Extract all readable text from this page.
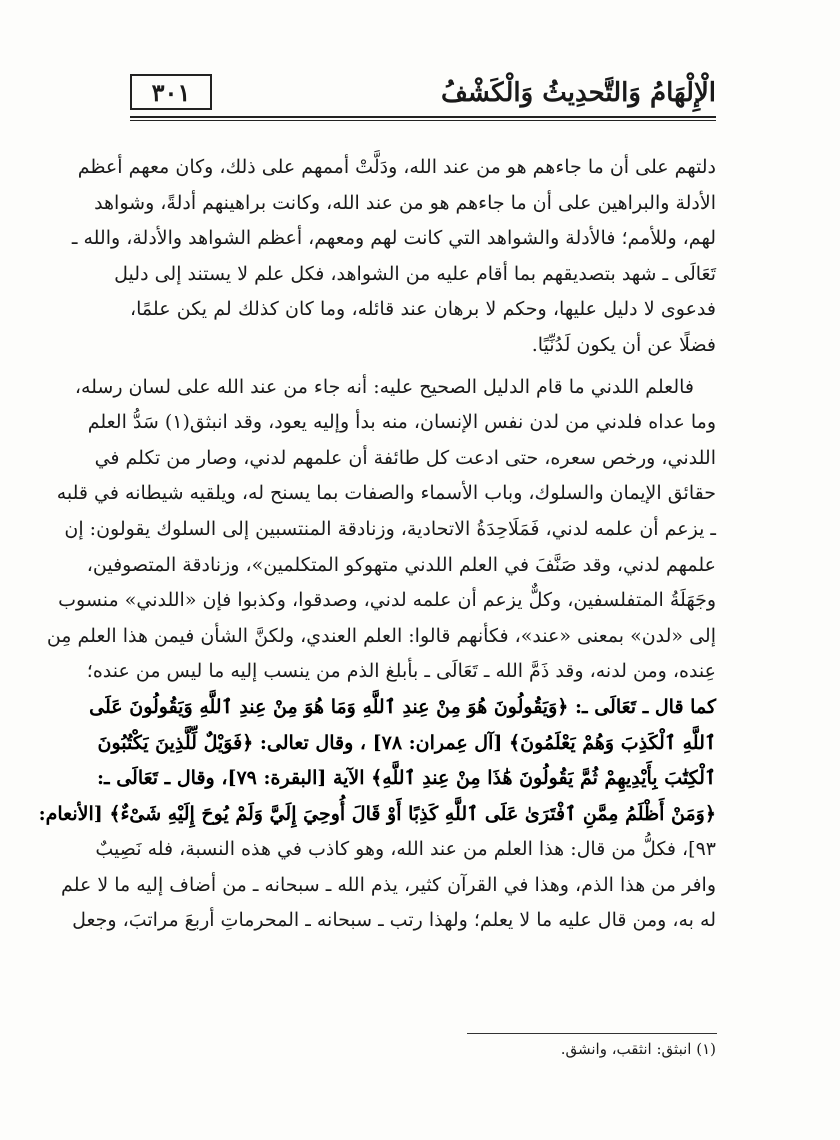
٣٠١	الْإِلْهَامُ وَالتَّحدِيثُ وَالْكَشْفُ
دلتهم على أن ما جاءهم هو من عند الله، ودَلَّتْ أممهم على ذلك، وكان معهم أعظم
الأدلة والبراهين على أن ما جاءهم هو من عند الله، وكانت براهينهم أدلةً، وشواهد
لهم، وللأمم؛ فالأدلة والشواهد التي كانت لهم ومعهم، أعظم الشواهد والأدلة، والله ـ
تَعَالَى ـ شهد بتصديقهم بما أقام عليه من الشواهد، فكل علم لا يستند إلى دليل
فدعوى لا دليل عليها، وحكم لا برهان عند قائله، وما كان كذلك لم يكن علمًا،
فضلًا عن أن يكون لَدُنِّيًا.
فالعلم اللدني ما قام الدليل الصحيح عليه: أنه جاء من عند الله على لسان رسله،
وما عداه فلدني من لدن نفس الإنسان، منه بدأ وإليه يعود، وقد انبثق(١) سَدُّ العلم
اللدني، ورخص سعره، حتى ادعت كل طائفة أن علمهم لدني، وصار من تكلم في
حقائق الإيمان والسلوك، وباب الأسماء والصفات بما يسنح له، ويلقيه شيطانه في قلبه
ـ يزعم أن علمه لدني، فَمَلَاحِدَةُ الاتحادية، وزنادقة المنتسبين إلى السلوك يقولون: إن
علمهم لدني، وقد صَنَّفَ في العلم اللدني متهوكو المتكلمين»، وزنادقة المتصوفين،
وجَهَلَةُ المتفلسفين، وكلٌّ يزعم أن علمه لدني، وصدقوا، وكذبوا فإن «اللدني» منسوب
إلى «لدن» بمعنى «عند»، فكأنهم قالوا: العلم العندي، ولكنَّ الشأن فيمن هذا العلم مِن
عِنده، ومن لدنه، وقد ذَمَّ الله ـ تَعَالَى ـ بأبلغ الذم من ينسب إليه ما ليس من عنده؛
كما قال ـ تَعَالَى ـ: ﴿وَيَقُولُونَ هُوَ مِنْ عِندِ ٱللَّهِ وَمَا هُوَ مِنْ عِندِ ٱللَّهِ وَيَقُولُونَ عَلَى
ٱللَّهِ ٱلْكَذِبَ وَهُمْ يَعْلَمُونَ﴾ [آل عِمران: ٧٨] ، وقال تعالى: ﴿فَوَيْلٌ لِّلَّذِينَ يَكْتُبُونَ
ٱلْكِتَٰبَ بِأَيْدِيهِمْ ثُمَّ يَقُولُونَ هَٰذَا مِنْ عِندِ ٱللَّهِ﴾ الآية [البقرة: ٧٩]، وقال ـ تَعَالَى ـ:
﴿وَمَنْ أَظْلَمُ مِمَّنِ ٱفْتَرَىٰ عَلَى ٱللَّهِ كَذِبًا أَوْ قَالَ أُوحِيَ إِلَيَّ وَلَمْ يُوحَ إِلَيْهِ شَىْءٌ﴾ [الأنعام:
٩٣]، فكلُّ من قال: هذا العلم من عند الله، وهو كاذب في هذه النسبة، فله نَصِيبٌ
وافر من هذا الذم، وهذا في القرآن كثير، يذم الله ـ سبحانه ـ من أضاف إليه ما لا علم
له به، ومن قال عليه ما لا يعلم؛ ولهذا رتب ـ سبحانه ـ المحرماتِ أربعَ مراتبَ، وجعل
(١) انبثق: انثقب، وانشق.
